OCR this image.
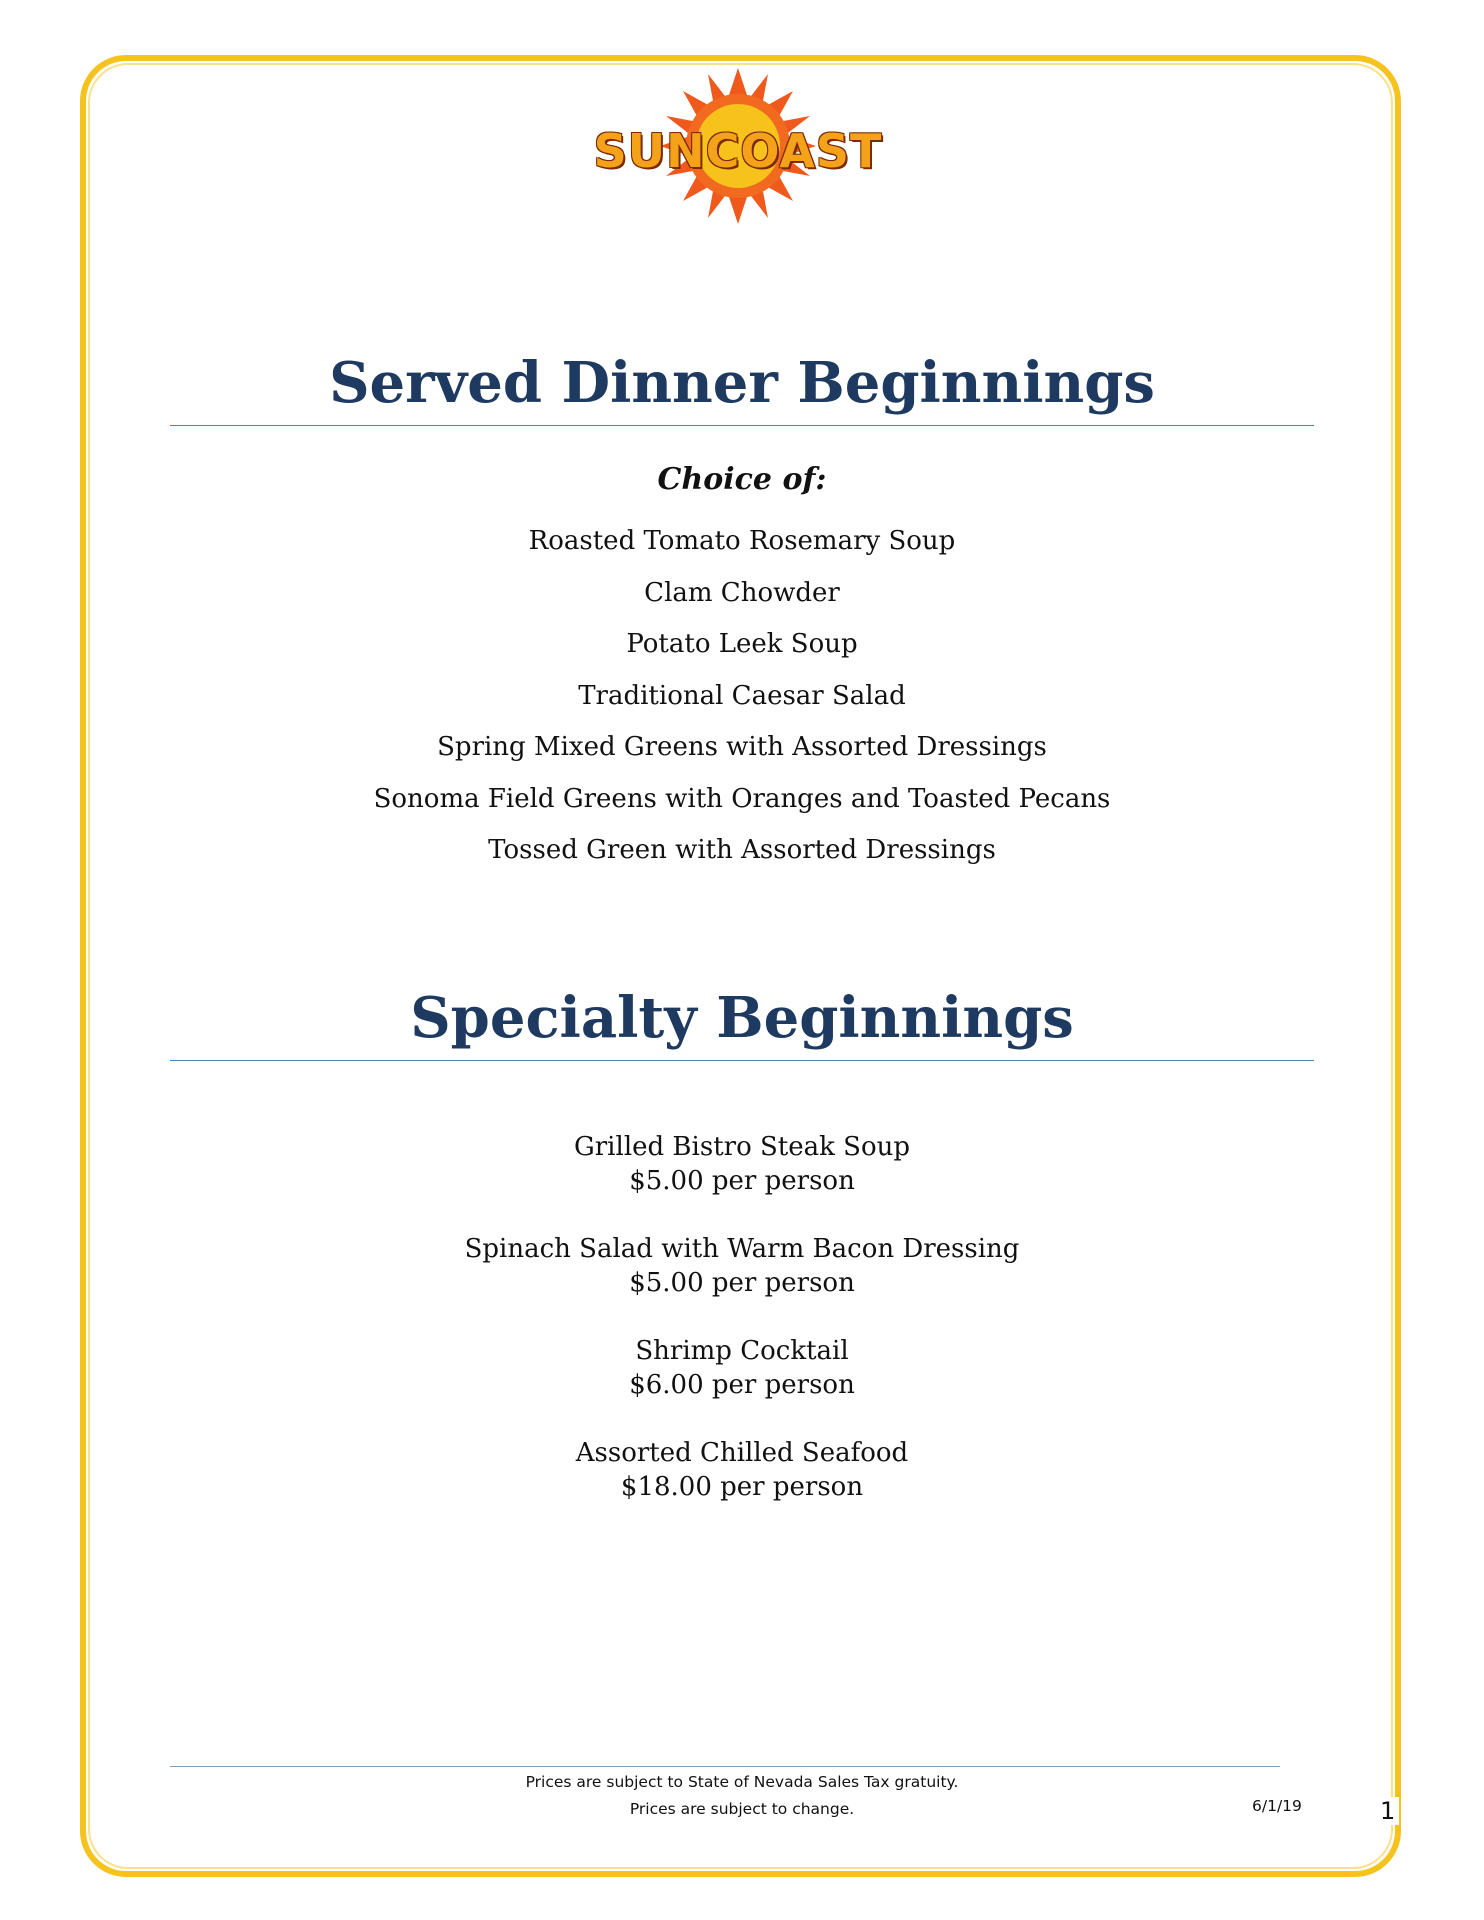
SUNCOAST
Served Dinner Beginnings

Choice of:

Roasted Tomato Rosemary Soup
Clam Chowder
Potato Leek Soup
Traditional Caesar Salad
Spring Mixed Greens with Assorted Dressings
Sonoma Field Greens with Oranges and Toasted Pecans
Tossed Green with Assorted Dressings
Specialty Beginnings
Grilled Bistro Steak Soup
$5.00 per person
Spinach Salad with Warm Bacon Dressing
$5.00 per person
Shrimp Cocktail
$6.00 per person
Assorted Chilled Seafood
$18.00 per person
Prices are subject to State of Nevada Sales Tax gratuity.
Prices are subject to change.	6/1/19	1
